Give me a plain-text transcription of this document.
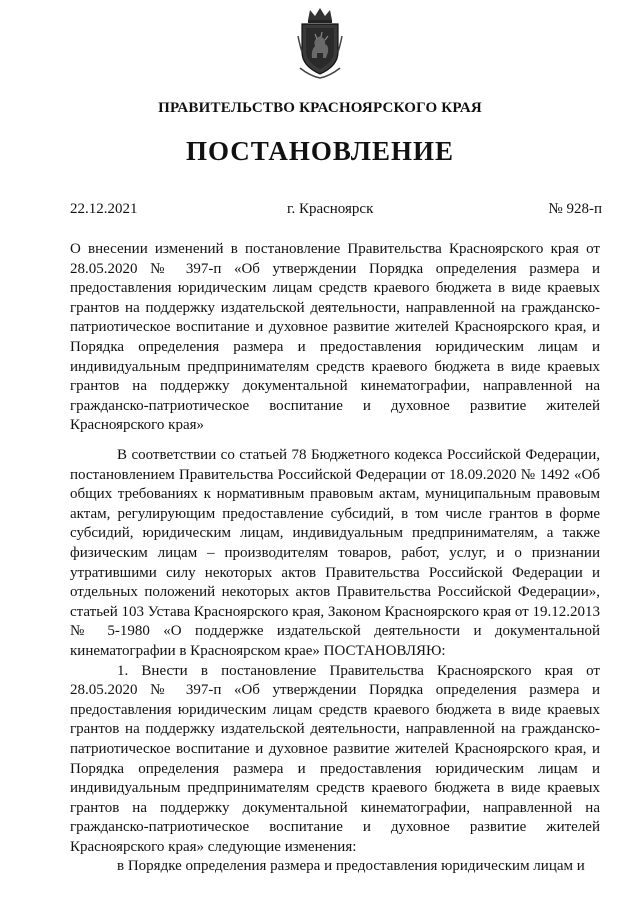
ПРАВИТЕЛЬСТВО КРАСНОЯРСКОГО КРАЯ
ПОСТАНОВЛЕНИЕ
22.12.2021	г. Красноярск	№ 928-п

О внесении изменений в постановление Правительства Красноярского края от 28.05.2020 № 397-п «Об утверждении Порядка определения размера и предоставления юридическим лицам средств краевого бюджета в виде краевых грантов на поддержку издательской деятельности, направленной на гражданско-патриотическое воспитание и духовное развитие жителей Красноярского края, и Порядка определения размера и предоставления юридическим лицам и индивидуальным предпринимателям средств краевого бюджета в виде краевых грантов на поддержку документальной кинематографии, направленной на гражданско-патриотическое воспитание и духовное развитие жителей Красноярского края»

В соответствии со статьей 78 Бюджетного кодекса Российской Федерации, постановлением Правительства Российской Федерации от 18.09.2020 № 1492 «Об общих требованиях к нормативным правовым актам, муниципальным правовым актам, регулирующим предоставление субсидий, в том числе грантов в форме субсидий, юридическим лицам, индивидуальным предпринимателям, а также физическим лицам – производителям товаров, работ, услуг, и о признании утратившими силу некоторых актов Правительства Российской Федерации и отдельных положений некоторых актов Правительства Российской Федерации», статьей 103 Устава Красноярского края, Законом Красноярского края от 19.12.2013 № 5-1980 «О поддержке издательской деятельности и документальной кинематографии в Красноярском крае» ПОСТАНОВЛЯЮ:

1. Внести в постановление Правительства Красноярского края от 28.05.2020 № 397-п «Об утверждении Порядка определения размера и предоставления юридическим лицам средств краевого бюджета в виде краевых грантов на поддержку издательской деятельности, направленной на гражданско-патриотическое воспитание и духовное развитие жителей Красноярского края, и Порядка определения размера и предоставления юридическим лицам и индивидуальным предпринимателям средств краевого бюджета в виде краевых грантов на поддержку документальной кинематографии, направленной на гражданско-патриотическое воспитание и духовное развитие жителей Красноярского края» следующие изменения:

в Порядке определения размера и предоставления юридическим лицам и
